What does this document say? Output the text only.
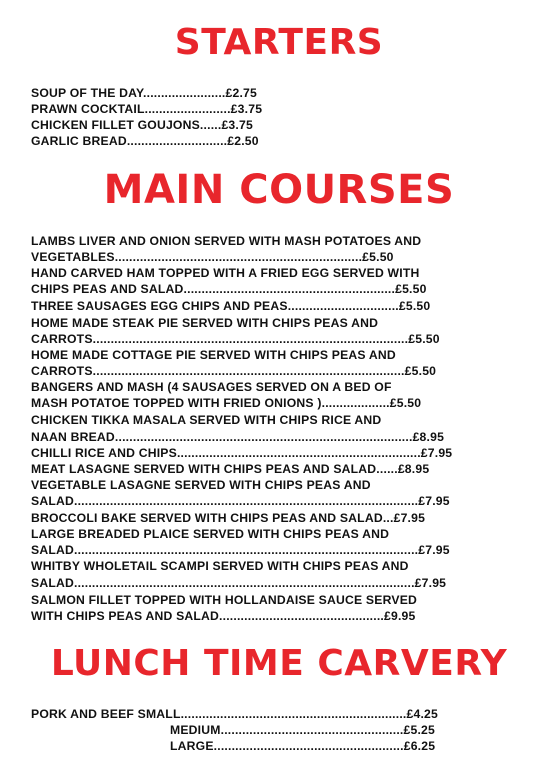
STARTERS

SOUP OF THE DAY.......................£2.75

PRAWN COCKTAIL........................£3.75

CHICKEN FILLET GOUJONS......£3.75

GARLIC BREAD............................£2.50

MAIN COURSES

LAMBS LIVER AND ONION SERVED WITH MASH POTATOES AND

VEGETABLES.....................................................................£5.50

HAND CARVED HAM TOPPED WITH A FRIED EGG SERVED WITH

CHIPS PEAS AND SALAD...........................................................£5.50

THREE SAUSAGES EGG CHIPS AND PEAS...............................£5.50

HOME MADE STEAK PIE SERVED WITH CHIPS PEAS AND

CARROTS........................................................................................£5.50

HOME MADE COTTAGE PIE SERVED WITH CHIPS PEAS AND

CARROTS.......................................................................................£5.50

BANGERS AND MASH (4 SAUSAGES SERVED ON A BED OF

MASH POTATOE TOPPED WITH FRIED ONIONS )...................£5.50

CHICKEN TIKKA MASALA SERVED WITH CHIPS RICE AND

NAAN BREAD...................................................................................£8.95

CHILLI RICE AND CHIPS....................................................................£7.95

MEAT LASAGNE SERVED WITH CHIPS PEAS AND SALAD......£8.95

VEGETABLE LASAGNE SERVED WITH CHIPS PEAS AND

SALAD................................................................................................£7.95

BROCCOLI BAKE SERVED WITH CHIPS PEAS AND SALAD...£7.95

LARGE BREADED PLAICE SERVED WITH CHIPS PEAS AND

SALAD................................................................................................£7.95

WHITBY WHOLETAIL SCAMPI SERVED WITH CHIPS PEAS AND

SALAD...............................................................................................£7.95

SALMON FILLET TOPPED WITH HOLLANDAISE SAUCE SERVED

WITH CHIPS PEAS AND SALAD..............................................£9.95

LUNCH TIME CARVERY

PORK AND BEEF SMALL...............................................................£4.25

MEDIUM...................................................£5.25

LARGE.....................................................£6.25
